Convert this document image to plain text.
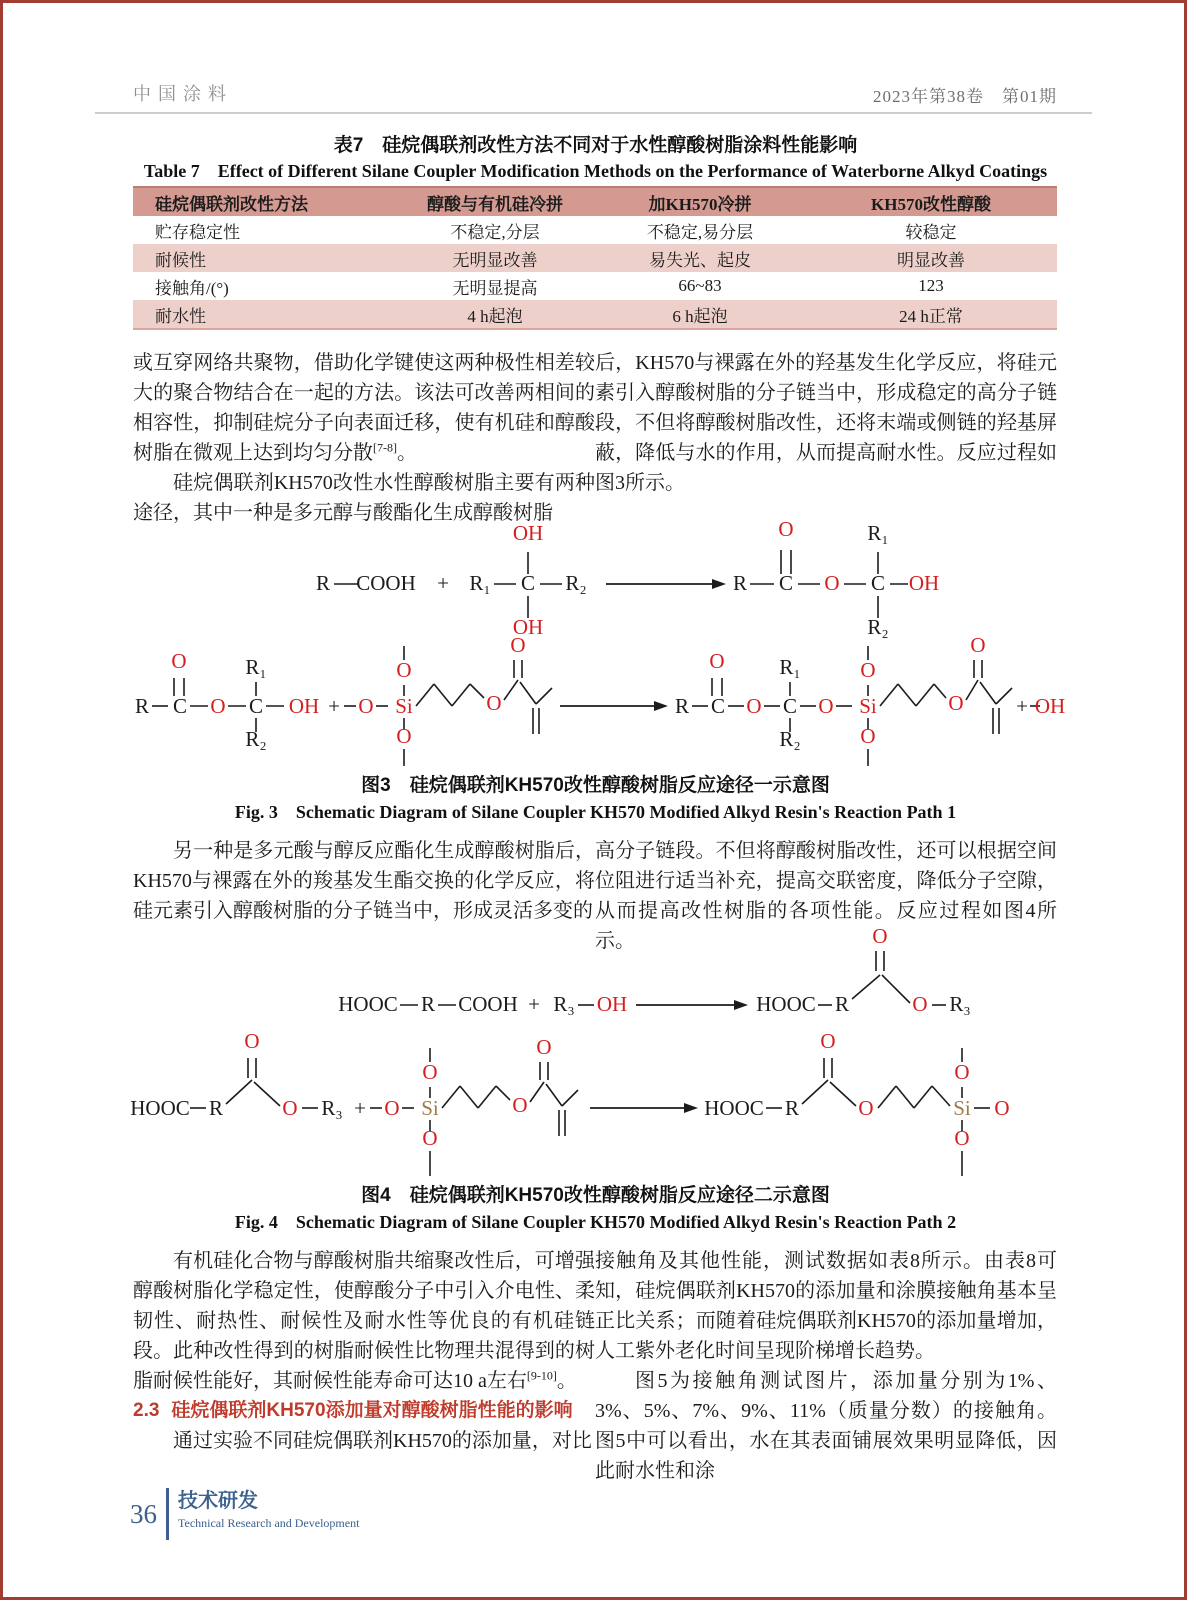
中国涂料	2023年第38卷　第01期
表7　硅烷偶联剂改性方法不同对于水性醇酸树脂涂料性能影响
Table 7　Effect of Different Silane Coupler Modification Methods on the Performance of Waterborne Alkyd Coatings
硅烷偶联剂改性方法	醇酸与有机硅冷拼	加KH570冷拼	KH570改性醇酸
贮存稳定性	不稳定,分层	不稳定,易分层	较稳定
耐候性	无明显改善	易失光、起皮	明显改善
接触角/(°)	无明显提高	66~83	123
耐水性	4 h起泡	6 h起泡	24 h正常

或互穿网络共聚物，借助化学键使这两种极性相差较大的聚合物结合在一起的方法。该法可改善两相间的相容性，抑制硅烷分子向表面迁移，使有机硅和醇酸树脂在微观上达到均匀分散[7-8]。

硅烷偶联剂KH570改性水性醇酸树脂主要有两种途径，其中一种是多元醇与酸酯化生成醇酸树脂

后，KH570与裸露在外的羟基发生化学反应，将硅元素引入醇酸树脂的分子链当中，形成稳定的高分子链段，不但将醇酸树脂改性，还将末端或侧链的羟基屏蔽，降低与水的作用，从而提高耐水性。反应过程如图3所示。

R COOH + R₁ C R₂
OH
OH
R C
O
O C
R₁
R₂
OH
R C
O
O C
R₁
R₂
OH + O Si
O
O
O
O
R C
O
O C
R₁
R₂
O Si
O
O
O
O
+ OH
图3　硅烷偶联剂KH570改性醇酸树脂反应途径一示意图
Fig. 3　Schematic Diagram of Silane Coupler KH570 Modified Alkyd Resin's Reaction Path 1

另一种是多元酸与醇反应酯化生成醇酸树脂后，KH570与裸露在外的羧基发生酯交换的化学反应，将硅元素引入醇酸树脂的分子链当中，形成灵活多变的

高分子链段。不但将醇酸树脂改性，还可以根据空间位阻进行适当补充，提高交联密度，降低分子空隙，从而提高改性树脂的各项性能。反应过程如图4所示。

HOOC R COOH + R₃ OH	HOOC R
O
O R₃
HOOC R
O
O R₃ + O Si
O
O
O
O
HOOC R
O
O	Si
O
O
O
图4　硅烷偶联剂KH570改性醇酸树脂反应途径二示意图
Fig. 4　Schematic Diagram of Silane Coupler KH570 Modified Alkyd Resin's Reaction Path 2

有机硅化合物与醇酸树脂共缩聚改性后，可增强醇酸树脂化学稳定性，使醇酸分子中引入介电性、柔韧性、耐热性、耐候性及耐水性等优良的有机硅链段。此种改性得到的树脂耐候性比物理共混得到的树脂耐候性能好，其耐候性能寿命可达10 a左右[9-10]。

2.3 硅烷偶联剂KH570添加量对醇酸树脂性能的影响

通过实验不同硅烷偶联剂KH570的添加量，对比

接触角及其他性能，测试数据如表8所示。由表8可知，硅烷偶联剂KH570的添加量和涂膜接触角基本呈正比关系；而随着硅烷偶联剂KH570的添加量增加，人工紫外老化时间呈现阶梯增长趋势。

图5为接触角测试图片，添加量分别为1%、3%、5%、7%、9%、11%（质量分数）的接触角。图5中可以看出，水在其表面铺展效果明显降低，因此耐水性和涂

36 技术研发
Technical Research and Development
